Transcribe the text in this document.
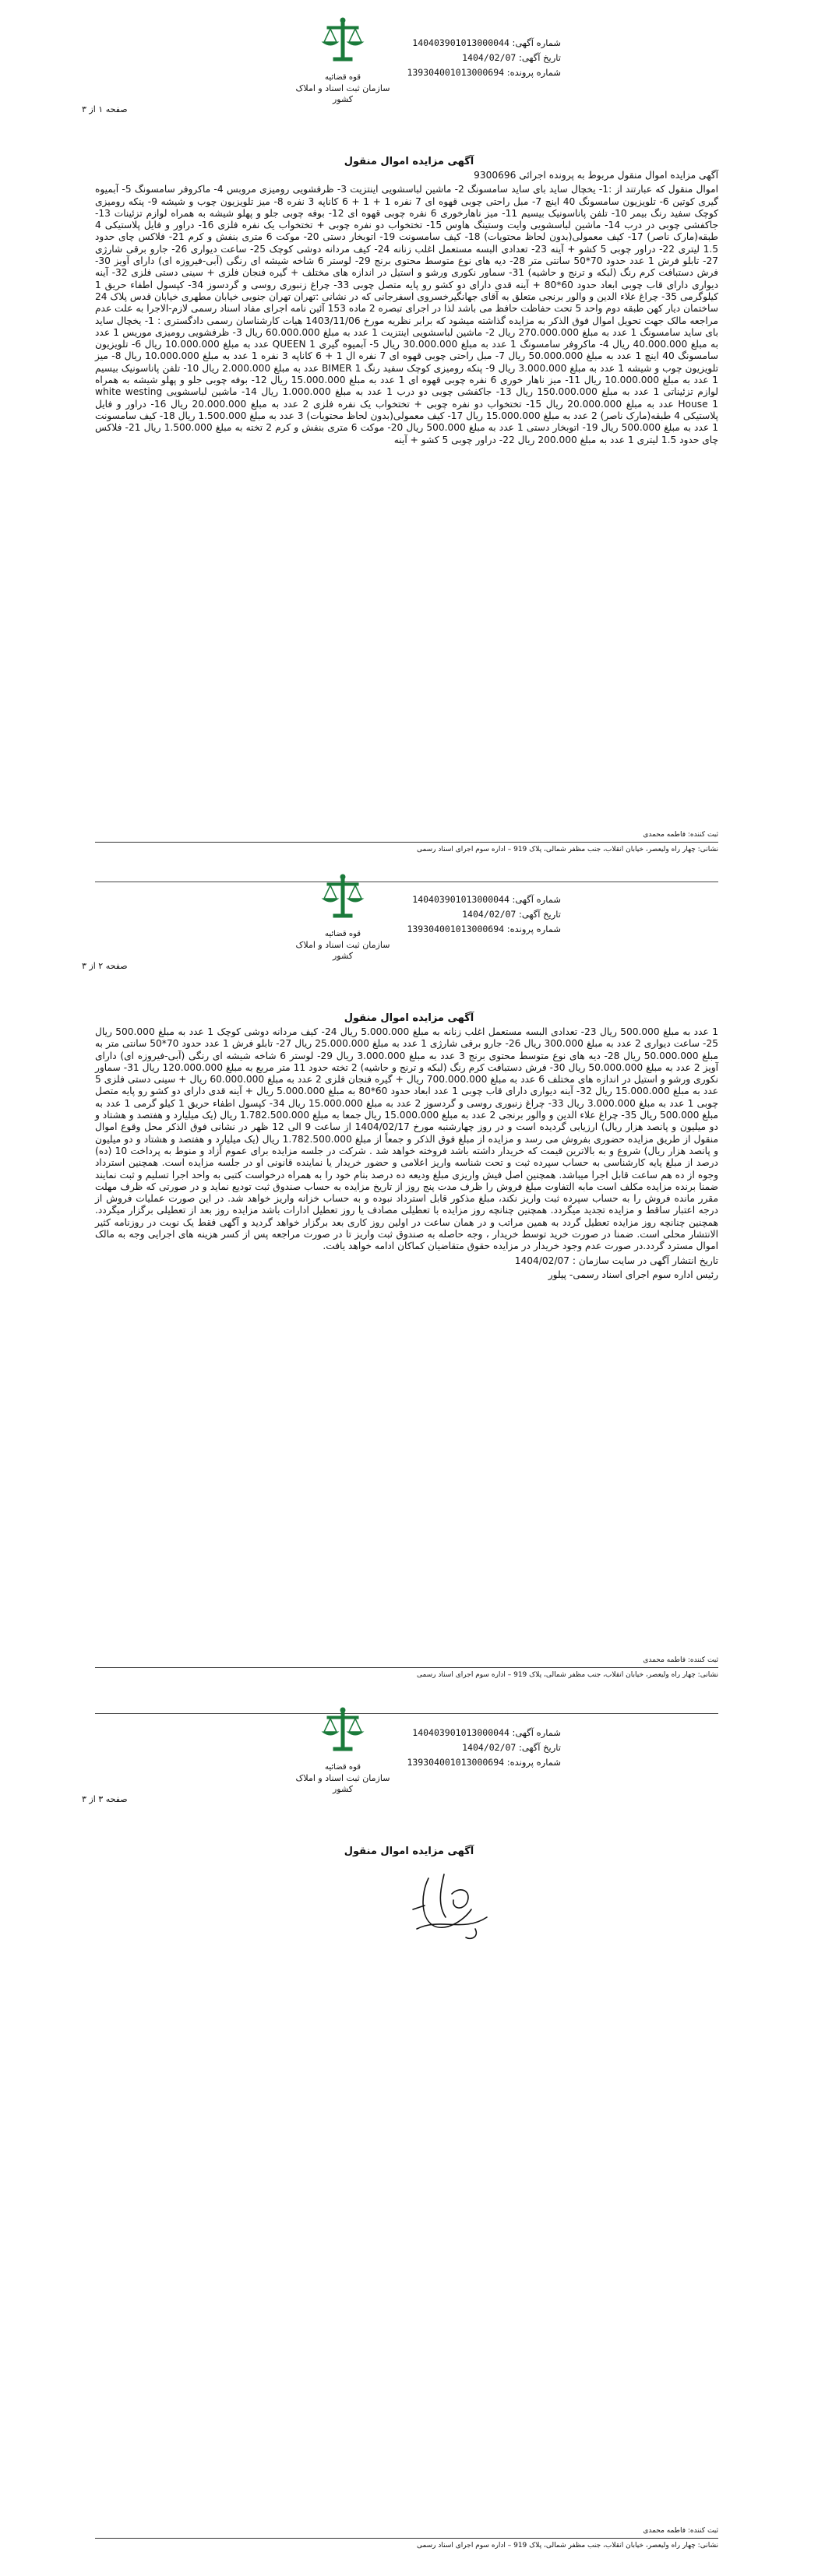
شماره آگهی: 140403901013000044
تاریخ آگهی: 1404/02/07
شماره پرونده: 139304001013000694
قوه قضائیه
سازمان ثبت اسناد و املاک کشور
صفحه ۱ از ۳
آگهی مزایده اموال منقول

آگهی مزایده اموال منقول مربوط به پرونده اجرائی 9300696

اموال منقول که عبارتند از :1- یخچال ساید بای ساید سامسونگ 2- ماشین لباسشویی اینتزیت 3- ظرفشویی رومیزی مروبس 4- ماکروفر سامسونگ 5- آبمیوه گیری کوتین 6- تلویزیون سامسونگ 40 اینچ 7- مبل راحتی چوبی قهوه ای 7 نفره 1 + 1 + 6 کاناپه 3 نفره 8- میز تلویزیون چوب و شیشه 9- پنکه رومیزی کوچک سفید رنگ بیمر 10- تلفن پاناسونیک بیسیم 11- میز ناهارخوری 6 نفره چوبی قهوه ای 12- بوفه چوبی جلو و پهلو شیشه به همراه لوازم تزئینات 13- جاکفشی چوبی در درب 14- ماشین لباسشویی وایت وستینگ هاوس 15- تختخواب دو نفره چوبی + تختخواب یک نفره فلزی 16- دراور و فایل پلاستیکی 4 طبقه(مارک ناصر) 17- کیف معمولی(بدون لحاظ محتویات) 18- کیف سامسونت 19- اتوبخار دستی 20- موکت 6 متری بنفش و کرم 21- فلاکس چای حدود 1.5 لیتری 22- دراور چوبی 5 کشو + آینه 23- تعدادی البسه مستعمل اغلب زنانه 24- کیف مردانه دوشی کوچک 25- ساعت دیواری 26- جارو برقی شارژی 27- تابلو فرش 1 عدد حدود 70*50 سانتی متر 28- دیه های نوع متوسط محتوی برنج 29- لوستر 6 شاخه شیشه ای رنگی (آبی-فیروزه ای) دارای آویز 30- فرش دستبافت کرم رنگ (لبکه و ترنج و حاشیه) 31- سماور نکوری ورشو و استیل در اندازه های مختلف + گیره فنجان فلزی + سینی دستی فلزی 32- آینه دیواری دارای قاب چوبی ابعاد حدود 60*80 + آینه قدی دارای دو کشو رو پایه متصل چوبی 33- چراغ زنبوری روسی و گردسوز 34- کپسول اطفاء حریق 1 کیلوگرمی 35- چراغ علاء الدین و والور برنجی متعلق به آقای جهانگیرخسروی اسفرجانی که در نشانی :تهران تهران جنوبی خیابان مطهری خیابان قدس پلاک 24 ساختمان دیار کهن طبقه دوم واحد 5 تحت حفاظت حافظ می باشد لذا در اجرای تبصره 2 ماده 153 آئین نامه اجرای مفاد اسناد رسمی لازم-الاجرا به علت عدم مراجعه مالک جهت تحویل اموال فوق الذکر به مزایده گذاشته میشود که برابر نظریه مورخ 1403/11/06 هیات کارشناسان رسمی دادگستری : 1- یخچال ساید بای ساید سامسونگ 1 عدد به مبلغ 270.000.000 ریال 2- ماشین لباسشویی اینتزیت 1 عدد به مبلغ 60.000.000 ریال 3- ظرفشویی رومیزی موریس 1 عدد به مبلغ 40.000.000 ریال 4- ماکروفر سامسونگ 1 عدد به مبلغ 30.000.000 ریال 5- آبمیوه گیری QUEEN 1 عدد به مبلغ 10.000.000 ریال 6- تلویزیون سامسونگ 40 اینچ 1 عدد به مبلغ 50.000.000 ریال 7- مبل راحتی چوبی قهوه ای 7 نفره ال 1 + 6 کاناپه 3 نفره 1 عدد به مبلغ 10.000.000 ریال 8- میز تلویزیون چوب و شیشه 1 عدد به مبلغ 3.000.000 ریال 9- پنکه رومیزی کوچک سفید رنگ BIMER 1 عدد به مبلغ 2.000.000 ریال 10- تلفن پاناسونیک بیسیم 1 عدد به مبلغ 10.000.000 ریال 11- میز ناهار خوری 6 نفره چوبی قهوه ای 1 عدد به مبلغ 15.000.000 ریال 12- بوفه چوبی جلو و پهلو شیشه به همراه لوازم تزئیناتی 1 عدد به مبلغ 150.000.000 ریال 13- جاکفشی چوبی دو درب 1 عدد به مبلغ 1.000.000 ریال 14- ماشین لباسشویی white westing House 1 عدد به مبلغ 20.000.000 ریال 15- تختخواب دو نفره چوبی + تختخواب یک نفره فلزی 2 عدد به مبلغ 20.000.000 ریال 16- دراور و فایل پلاستیکی 4 طبقه(مارک ناصر) 2 عدد به مبلغ 15.000.000 ریال 17- کیف معمولی(بدون لحاظ محتویات) 3 عدد به مبلغ 1.500.000 ریال 18- کیف سامسونت 1 عدد به مبلغ 500.000 ریال 19- اتوبخار دستی 1 عدد به مبلغ 500.000 ریال 20- موکت 6 متری بنفش و کرم 2 تخته به مبلغ 1.500.000 ریال 21- فلاکس چای حدود 1.5 لیتری 1 عدد به مبلغ 200.000 ریال 22- دراور چوبی 5 کشو + آینه

ثبت کننده: فاطمه محمدی
نشانی: چهار راه ولیعصر، خیابان انقلاب، جنب مظفر شمالی، پلاک 919 – اداره سوم اجرای اسناد رسمی
شماره آگهی: 140403901013000044
تاریخ آگهی: 1404/02/07
شماره پرونده: 139304001013000694
قوه قضائیه
سازمان ثبت اسناد و املاک کشور
صفحه ۲ از ۳
آگهی مزایده اموال منقول

1 عدد به مبلغ 500.000 ریال 23- تعدادی البسه مستعمل اغلب زنانه به مبلغ 5.000.000 ریال 24- کیف مردانه دوشی کوچک 1 عدد به مبلغ 500.000 ریال 25- ساعت دیواری 2 عدد به مبلغ 300.000 ریال 26- جارو برقی شارژی 1 عدد به مبلغ 25.000.000 ریال 27- تابلو فرش 1 عدد حدود 70*50 سانتی متر به مبلغ 50.000.000 ریال 28- دیه های نوع متوسط محتوی برنج 3 عدد به مبلغ 3.000.000 ریال 29- لوستر 6 شاخه شیشه ای رنگی (آبی-فیروزه ای) دارای آویز 2 عدد به مبلغ 50.000.000 ریال 30- فرش دستبافت کرم رنگ (لبکه و ترنج و حاشیه) 2 تخته حدود 11 متر مربع به مبلغ 120.000.000 ریال 31- سماور نکوری ورشو و استیل در اندازه های مختلف 6 عدد به مبلغ 700.000.000 ریال + گیره فنجان فلزی 2 عدد به مبلغ 60.000.000 ریال + سینی دستی فلزی 5 عدد به مبلغ 15.000.000 ریال 32- آینه دیواری دارای قاب چوبی 1 عدد ابعاد حدود 60*80 به مبلغ 5.000.000 ریال + آینه قدی دارای دو کشو رو پایه متصل چوبی 1 عدد به مبلغ 3.000.000 ریال 33- چراغ زنبوری روسی و گردسوز 2 عدد به مبلغ 15.000.000 ریال 34- کپسول اطفاء حریق 1 کیلو گرمی 1 عدد به مبلغ 500.000 ریال 35- چراغ علاء الدین و والور برنجی 2 عدد به مبلغ 15.000.000 ریال جمعا به مبلغ 1.782.500.000 ریال (یک میلیارد و هفتصد و هشتاد و دو میلیون و پانصد هزار ریال) ارزیابی گردیده است و در روز چهارشنبه مورخ 1404/02/17 از ساعت 9 الی 12 ظهر در نشانی فوق الذکر محل وقوع اموال منقول از طریق مزایده حضوری بفروش می رسد و مزایده از مبلغ فوق الذکر و جمعاً از مبلغ 1.782.500.000 ریال (یک میلیارد و هفتصد و هشتاد و دو میلیون و پانصد هزار ریال) شروع و به بالاترین قیمت که خریدار داشته باشد فروخته خواهد شد . شرکت در جلسه مزایده برای عموم آزاد و منوط به پرداخت 10 (ده) درصد از مبلغ پایه کارشناسی به حساب سپرده ثبت و تحت شناسه واریز اعلامی و حضور خریدار یا نماینده قانونی او در جلسه مزایده است. همچنین استرداد وجوه از ده هم ساعت قابل اجرا میباشد. همچنین اصل فیش واریزی مبلغ ودیعه ده درصد بنام خود را به همراه درخواست کتبی به واحد اجرا تسلیم و ثبت نمایند ضمنا برنده مزایده مکلف است مابه التفاوت مبلغ فروش را ظرف مدت پنج روز از تاریخ مزایده به حساب صندوق ثبت تودیع نماید و در صورتی که ظرف مهلت مقرر مانده فروش را به حساب سپرده ثبت واریز نکند، مبلغ مذکور قابل استرداد نبوده و به حساب خزانه واریز خواهد شد. در این صورت عملیات فروش از درجه اعتبار ساقط و مزایده تجدید میگردد. همچنین چنانچه روز مزایده با تعطیلی مصادف یا روز تعطیل ادارات باشد مزایده روز بعد از تعطیلی برگزار میگردد. همچنین چنانچه روز مزایده تعطیل گردد به همین مراتب و در همان ساعت در اولین روز کاری بعد برگزار خواهد گردید و آگهی فقط یک نوبت در روزنامه کثیر الانتشار محلی است. ضمنا در صورت خرید توسط خریدار ، وجه حاصله به صندوق ثبت واریز تا در صورت مراجعه پس از کسر هزینه های اجرایی وجه به مالک اموال مسترد گردد.در صورت عدم وجود خریدار در مزایده حقوق متقاضیان کماکان ادامه خواهد یافت.

تاریخ انتشار آگهی در سایت سازمان : 1404/02/07

رئیس اداره سوم اجرای اسناد رسمی- پیلور

ثبت کننده: فاطمه محمدی
نشانی: چهار راه ولیعصر، خیابان انقلاب، جنب مظفر شمالی، پلاک 919 – اداره سوم اجرای اسناد رسمی
شماره آگهی: 140403901013000044
تاریخ آگهی: 1404/02/07
شماره پرونده: 139304001013000694
قوه قضائیه
سازمان ثبت اسناد و املاک کشور
صفحه ۳ از ۳
آگهی مزایده اموال منقول
ثبت کننده: فاطمه محمدی
نشانی: چهار راه ولیعصر، خیابان انقلاب، جنب مظفر شمالی، پلاک 919 – اداره سوم اجرای اسناد رسمی
